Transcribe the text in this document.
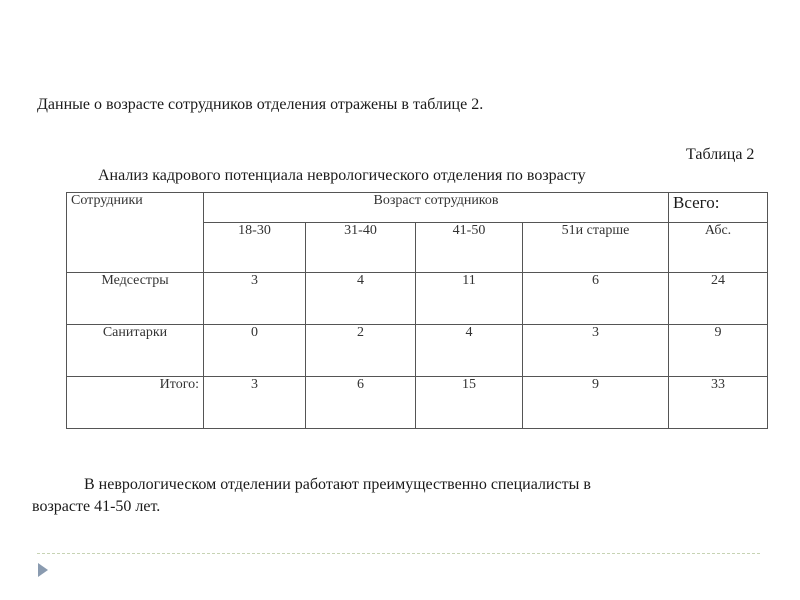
Данные о возрасте сотрудников отделения отражены в таблице 2.
Таблица 2
Анализ кадрового потенциала неврологического отделения по возрасту
Сотрудники	Возраст сотрудников				Всего:
	18-30	31-40	41-50	51и старше	Абс.
Медсестры	3	4	11	6	24
Санитарки	0	2	4	3	9
Итого:	3	6	15	9	33
В неврологическом отделении работают преимущественно специалисты в
возрасте 41-50 лет.
